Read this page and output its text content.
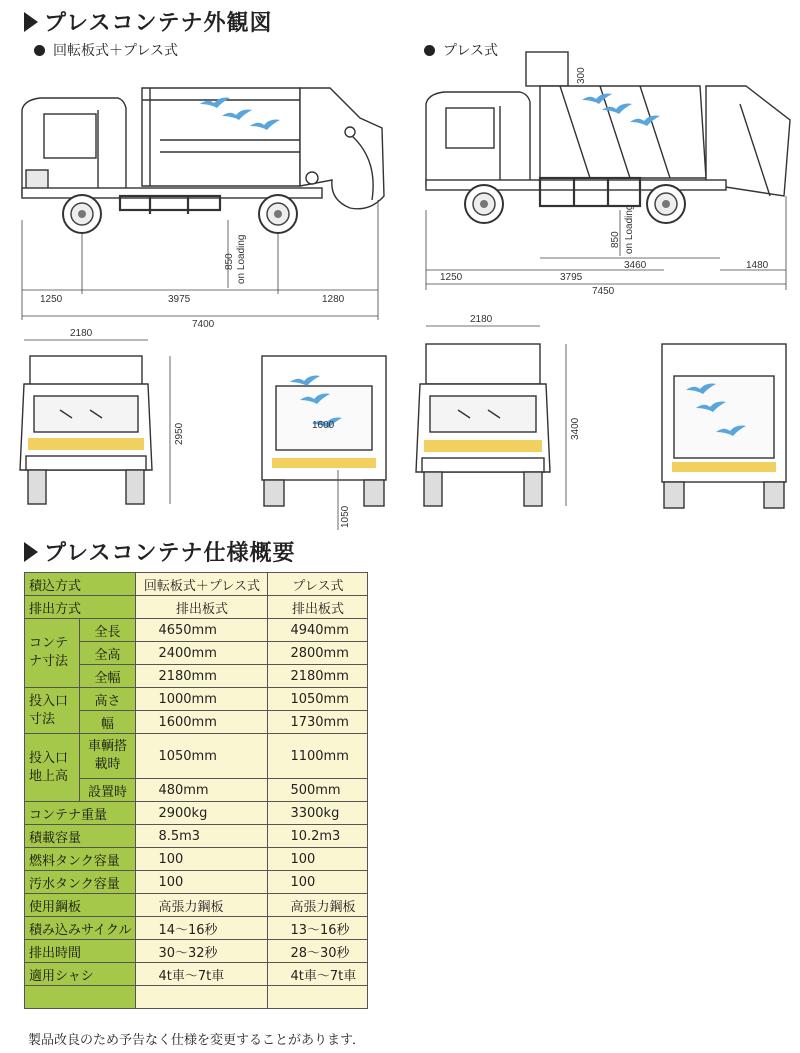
プレスコンテナ外観図
回転板式＋プレス式	プレス式
1250	3975	1280
7400
850 on Loading
2180
2950	1600
1050
300
1250	3795
3460	1480
7450
850 on Loading
2180
3400
プレスコンテナ仕様概要
積込方式		回転板式＋プレス式	プレス式
排出方式		排出板式	排出板式
コンテ
ナ寸法	全長	4650mm	4940mm
	全高	2400mm	2800mm
	全幅	2180mm	2180mm
投入口
寸法	高さ	1000mm	1050mm
	幅	1600mm	1730mm
投入口
地上高	車輌搭
載時	1050mm	1100mm
	設置時	480mm	500mm
コンテナ重量		2900kg	3300kg
積載容量		8.5m3	10.2m3
燃料タンク容量		100	100
汚水タンク容量		100	100
使用鋼板		高張力鋼板	高張力鋼板
積み込みサイクル		14〜16秒	13〜16秒
排出時間		30〜32秒	28〜30秒
適用シャシ		4t車〜7t車	4t車〜7t車

製品改良のため予告なく仕様を変更することがあります．
